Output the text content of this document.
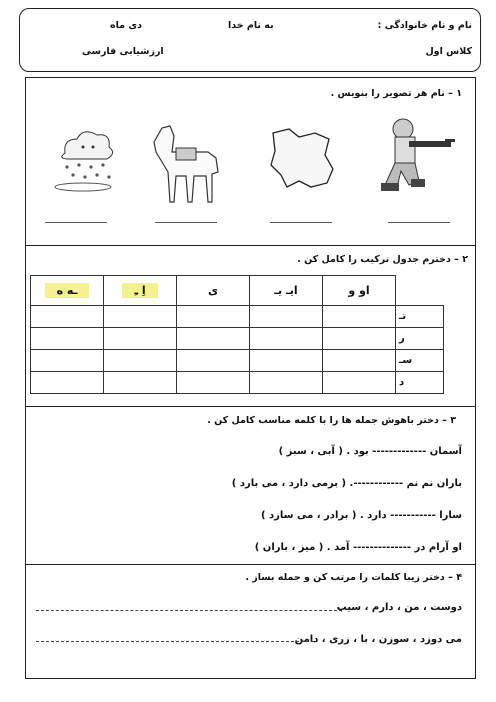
نام و نام خانوادگی :
به نام خدا
دی ماه
کلاس اول
ارزشیابی فارسی
۱ – نام هر تصویر را بنویس .
۲ – دخترم جدول ترکیب را کامل کن .
	او و	ایـ یـ	ی	اِ ـِ	ـه ه
تـ					
ر					
سـ					
د					
۳ – دختر باهوش جمله ها را با کلمه مناسب کامل کن .
آسمان ------------- بود . ( آبی ، سبز )
باران نم نم ------------. ( برمی دارد ، می بارد )
سارا ----------- دارد . ( برادر ، می سازد )
او آرام در -------------- آمد . ( میز ، باران )
۴ – دختر زیبا کلمات را مرتب کن و جمله بساز .
دوست ، من ، دارم ، سیب
می دوزد ، سوزن ، با ، زری ، دامن
